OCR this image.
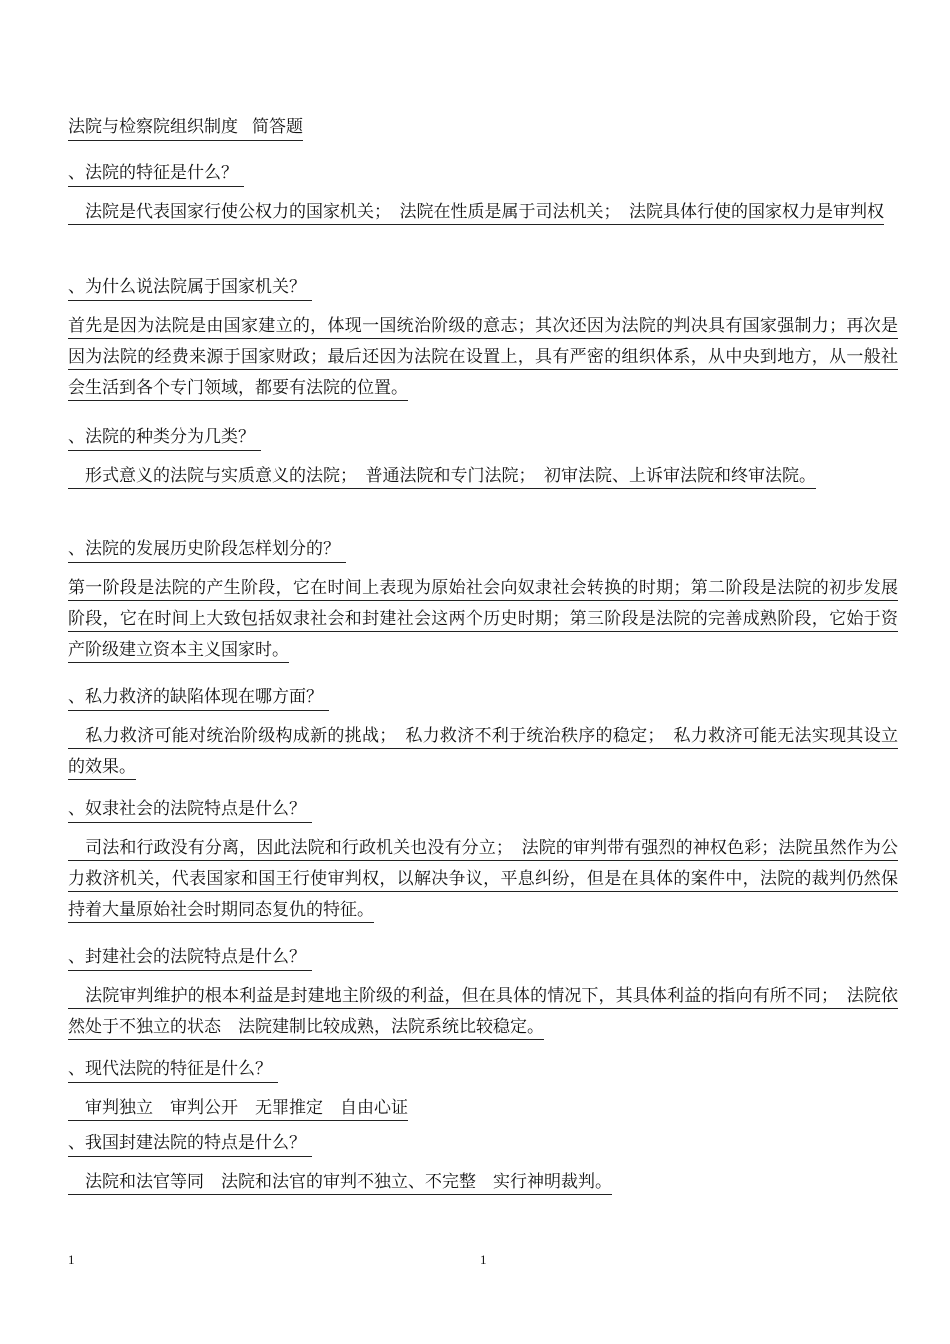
法院与检察院组织制度 简答题
、法院的特征是什么？
　法院是代表国家行使公权力的国家机关；　法院在性质是属于司法机关；　法院具体行使的国家权力是审判权
、为什么说法院属于国家机关？
首先是因为法院是由国家建立的，体现一国统治阶级的意志；其次还因为法院的判决具有国家强制力；再次是因为法院的经费来源于国家财政；最后还因为法院在设置上，具有严密的组织体系，从中央到地方，从一般社会生活到各个专门领域，都要有法院的位置。
、法院的种类分为几类？
　形式意义的法院与实质意义的法院；　普通法院和专门法院；　初审法院、上诉审法院和终审法院。
、法院的发展历史阶段怎样划分的？
第一阶段是法院的产生阶段，它在时间上表现为原始社会向奴隶社会转换的时期；第二阶段是法院的初步发展阶段，它在时间上大致包括奴隶社会和封建社会这两个历史时期；第三阶段是法院的完善成熟阶段，它始于资产阶级建立资本主义国家时。
、私力救济的缺陷体现在哪方面？
　私力救济可能对统治阶级构成新的挑战；　私力救济不利于统治秩序的稳定；　私力救济可能无法实现其设立的效果。
、奴隶社会的法院特点是什么？
　司法和行政没有分离，因此法院和行政机关也没有分立；　法院的审判带有强烈的神权色彩；法院虽然作为公力救济机关，代表国家和国王行使审判权，以解决争议，平息纠纷，但是在具体的案件中，法院的裁判仍然保持着大量原始社会时期同态复仇的特征。
、封建社会的法院特点是什么？
　法院审判维护的根本利益是封建地主阶级的利益，但在具体的情况下，其具体利益的指向有所不同；　法院依然处于不独立的状态　法院建制比较成熟，法院系统比较稳定。
、现代法院的特征是什么？
　审判独立　审判公开　无罪推定　自由心证
、我国封建法院的特点是什么？
　法院和法官等同　法院和法官的审判不独立、不完整　实行神明裁判。
1	1
